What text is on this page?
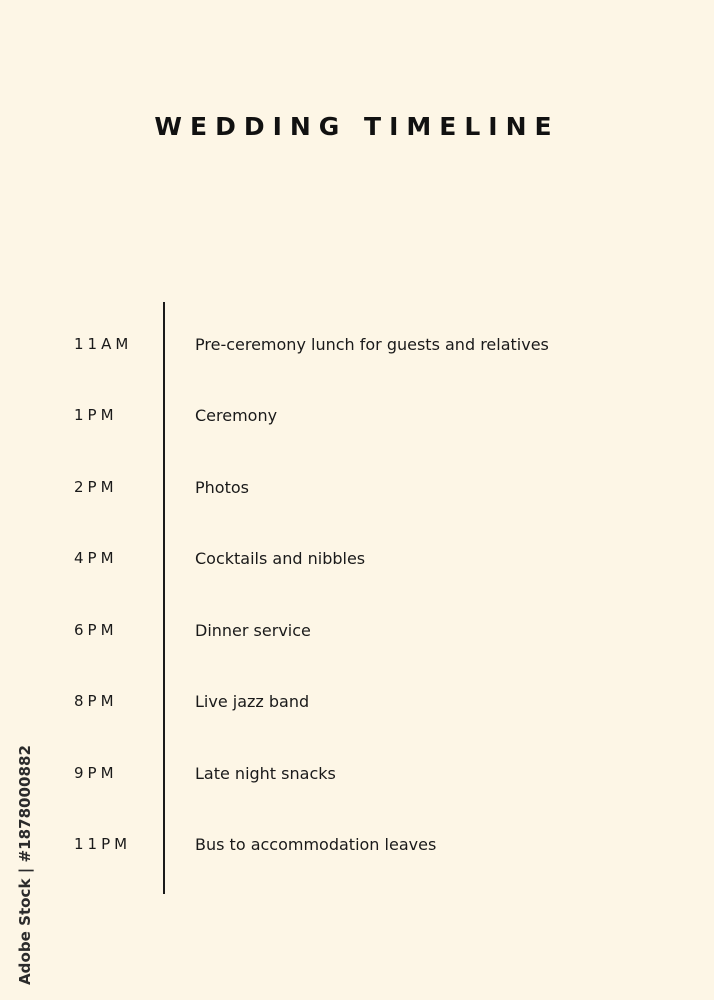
WEDDING TIMELINE
11AM	Pre-ceremony lunch for guests and relatives
1PM	Ceremony
2PM	Photos
4PM	Cocktails and nibbles
6PM	Dinner service
8PM	Live jazz band
9PM	Late night snacks
11PM	Bus to accommodation leaves
Adobe Stock | #1878000882
